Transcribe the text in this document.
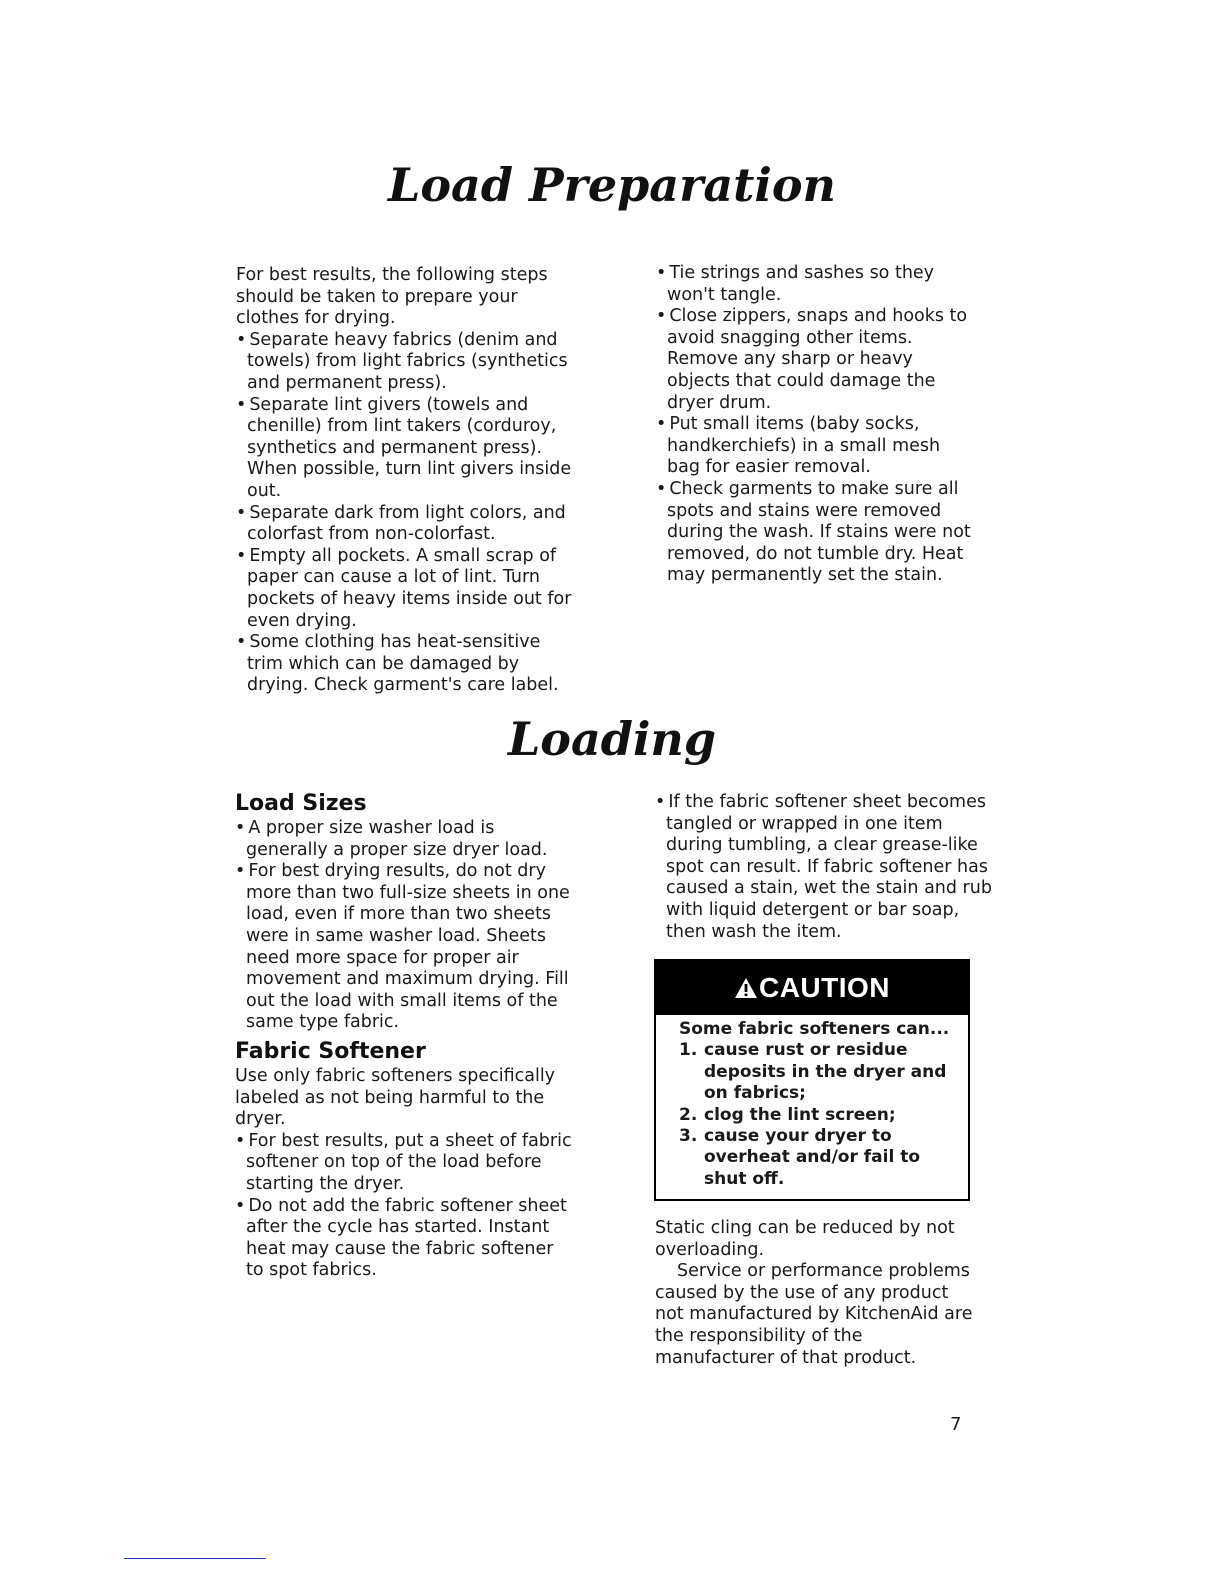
Load Preparation

For best results, the following steps should be taken to prepare your clothes for drying.

• Separate heavy fabrics (denim and towels) from light fabrics (synthetics and permanent press).

• Separate lint givers (towels and chenille) from lint takers (corduroy, synthetics and permanent press). When possible, turn lint givers inside out.

• Separate dark from light colors, and colorfast from non-colorfast.

• Empty all pockets. A small scrap of paper can cause a lot of lint. Turn pockets of heavy items inside out for even drying.

• Some clothing has heat-sensitive trim which can be damaged by drying. Check garment's care label.

• Tie strings and sashes so they won't tangle.

• Close zippers, snaps and hooks to avoid snagging other items. Remove any sharp or heavy objects that could damage the dryer drum.

• Put small items (baby socks, handkerchiefs) in a small mesh bag for easier removal.

• Check garments to make sure all spots and stains were removed during the wash. If stains were not removed, do not tumble dry. Heat may permanently set the stain.

Loading

Load Sizes

• A proper size washer load is generally a proper size dryer load.

• For best drying results, do not dry more than two full-size sheets in one load, even if more than two sheets were in same washer load. Sheets need more space for proper air movement and maximum drying. Fill out the load with small items of the same type fabric.

Fabric Softener

Use only fabric softeners specifically labeled as not being harmful to the dryer.

• For best results, put a sheet of fabric softener on top of the load before starting the dryer.

• Do not add the fabric softener sheet after the cycle has started. Instant heat may cause the fabric softener to spot fabrics.

• If the fabric softener sheet becomes tangled or wrapped in one item during tumbling, a clear grease-like spot can result. If fabric softener has caused a stain, wet the stain and rub with liquid detergent or bar soap, then wash the item.

CAUTION

Some fabric softeners can...

1. cause rust or residue deposits in the dryer and on fabrics;

2. clog the lint screen;

3. cause your dryer to overheat and/or fail to shut off.

Static cling can be reduced by not overloading.

Service or performance problems caused by the use of any product not manufactured by KitchenAid are the responsibility of the manufacturer of that product.

7
